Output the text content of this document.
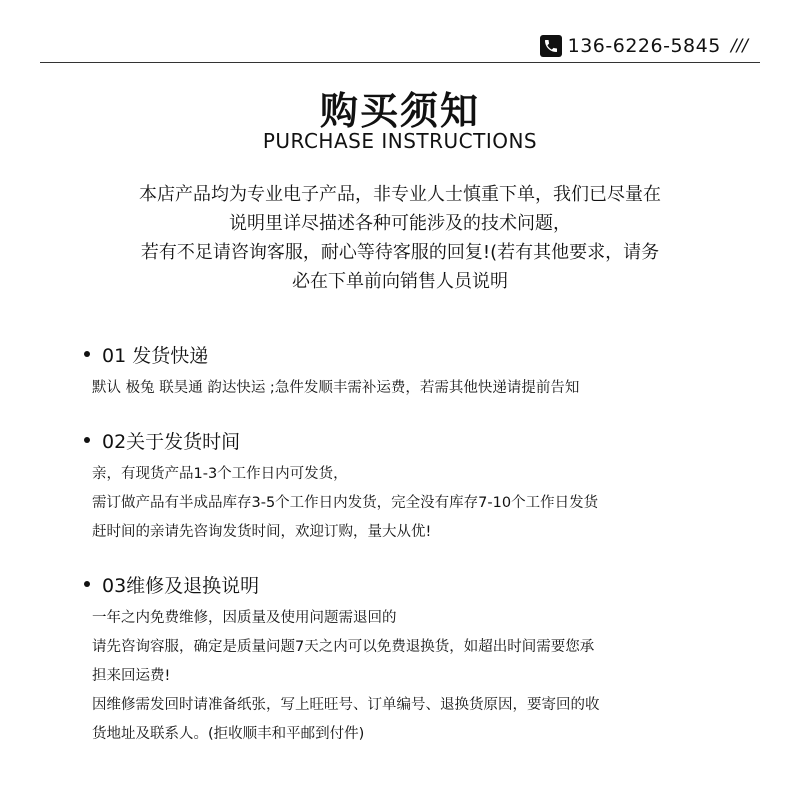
136-6226-5845 ///
购买须知
PURCHASE INSTRUCTIONS
本店产品均为专业电子产品，非专业人士慎重下单，我们已尽量在
说明里详尽描述各种可能涉及的技术问题，
若有不足请咨询客服，耐心等待客服的回复!(若有其他要求，请务
必在下单前向销售人员说明
01 发货快递
默认 极兔 联昊通 韵达快运 ;急件发顺丰需补运费，若需其他快递请提前告知
02关于发货时间
亲，有现货产品1-3个工作日内可发货，
需订做产品有半成品库存3-5个工作日内发货，完全没有库存7-10个工作日发货
赶时间的亲请先咨询发货时间，欢迎订购，量大从优!
03维修及退换说明
一年之内免费维修，因质量及使用问题需退回的
请先咨询容服，确定是质量问题7天之内可以免费退换货，如超出时间需要您承
担来回运费!
因维修需发回时请准备纸张，写上旺旺号、订单编号、退换货原因，要寄回的收
货地址及联系人。(拒收顺丰和平邮到付件)
